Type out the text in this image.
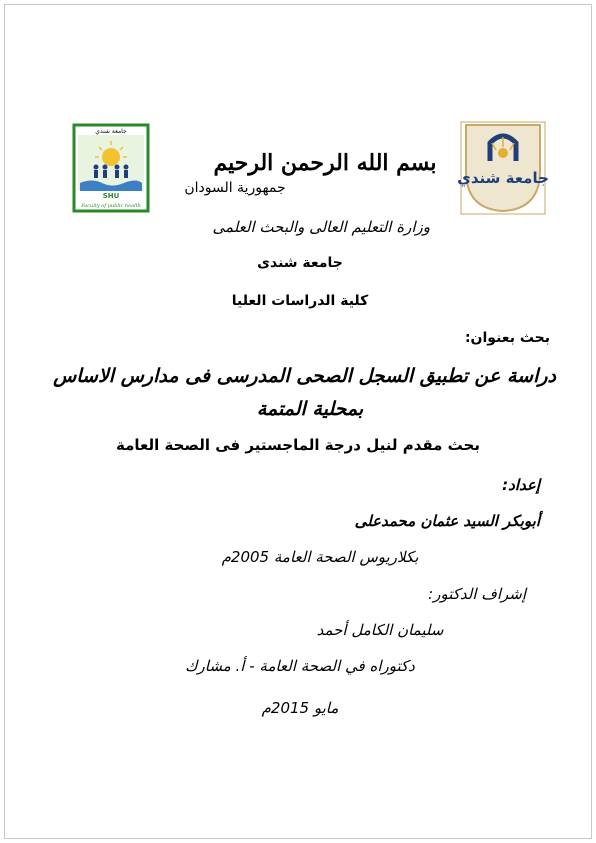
جامعة شندي
SHU
Faculty of public health
جامعة شندي
بسم الله الرحمن الرحيم
جمهورية السودان
وزارة التعليم العالى والبحث العلمى
جامعة شندى
كلية الدراسات العليا
بحث بعنوان:
دراسة عن تطبيق السجل الصحى المدرسى فى مدارس الاساس
بمحلية المتمة
بحث مقدم لنيل درجة الماجستير فى الصحة العامة
إعداد:
أبوبكر السيد عثمان محمدعلى
بكلاريوس الصحة العامة 2005م
إشراف الدكتور:
سليمان الكامل أحمد
دكتوراه في الصحة العامة - أ. مشارك
مايو 2015م
